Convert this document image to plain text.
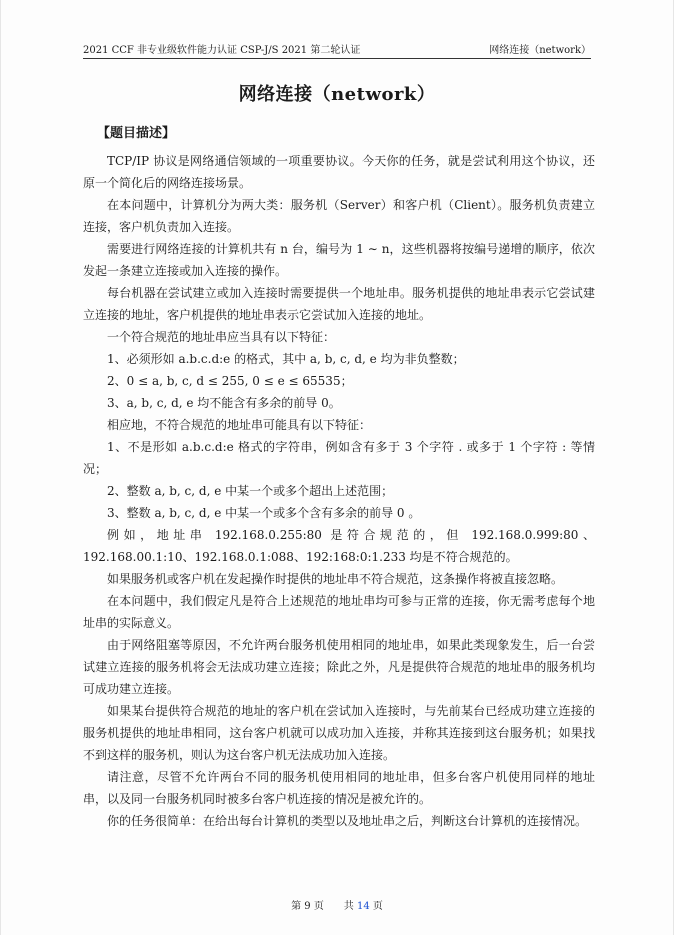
2021 CCF 非专业级软件能力认证 CSP-J/S 2021 第二轮认证	网络连接（network）
网络连接（network）
【题目描述】

TCP/IP 协议是网络通信领域的一项重要协议。今天你的任务，就是尝试利用这个协议，还原一个简化后的网络连接场景。

在本问题中，计算机分为两大类：服务机（Server）和客户机（Client）。服务机负责建立连接，客户机负责加入连接。

需要进行网络连接的计算机共有 n 台，编号为 1 ∼ n，这些机器将按编号递增的顺序，依次发起一条建立连接或加入连接的操作。

每台机器在尝试建立或加入连接时需要提供一个地址串。服务机提供的地址串表示它尝试建立连接的地址，客户机提供的地址串表示它尝试加入连接的地址。

一个符合规范的地址串应当具有以下特征：

1、必须形如 a.b.c.d:e 的格式，其中 a, b, c, d, e 均为非负整数；

2、0 ≤ a, b, c, d ≤ 255, 0 ≤ e ≤ 65535；

3、a, b, c, d, e 均不能含有多余的前导 0。

相应地，不符合规范的地址串可能具有以下特征：

1、不是形如 a.b.c.d:e 格式的字符串，例如含有多于 3 个字符 . 或多于 1 个字符 : 等情况；

2、整数 a, b, c, d, e 中某一个或多个超出上述范围；

3、整数 a, b, c, d, e 中某一个或多个含有多余的前导 0 。

例如，地址串 192.168.0.255:80 是符合规范的，但 192.168.0.999:80、192.168.00.1:10、192.168.0.1:088、192:168:0:1.233 均是不符合规范的。

如果服务机或客户机在发起操作时提供的地址串不符合规范，这条操作将被直接忽略。

在本问题中，我们假定凡是符合上述规范的地址串均可参与正常的连接，你无需考虑每个地址串的实际意义。

由于网络阻塞等原因，不允许两台服务机使用相同的地址串，如果此类现象发生，后一台尝试建立连接的服务机将会无法成功建立连接；除此之外，凡是提供符合规范的地址串的服务机均可成功建立连接。

如果某台提供符合规范的地址的客户机在尝试加入连接时，与先前某台已经成功建立连接的服务机提供的地址串相同，这台客户机就可以成功加入连接，并称其连接到这台服务机；如果找不到这样的服务机，则认为这台客户机无法成功加入连接。

请注意，尽管不允许两台不同的服务机使用相同的地址串，但多台客户机使用同样的地址串，以及同一台服务机同时被多台客户机连接的情况是被允许的。

你的任务很简单：在给出每台计算机的类型以及地址串之后，判断这台计算机的连接情况。

第 9 页　　共 14 页
